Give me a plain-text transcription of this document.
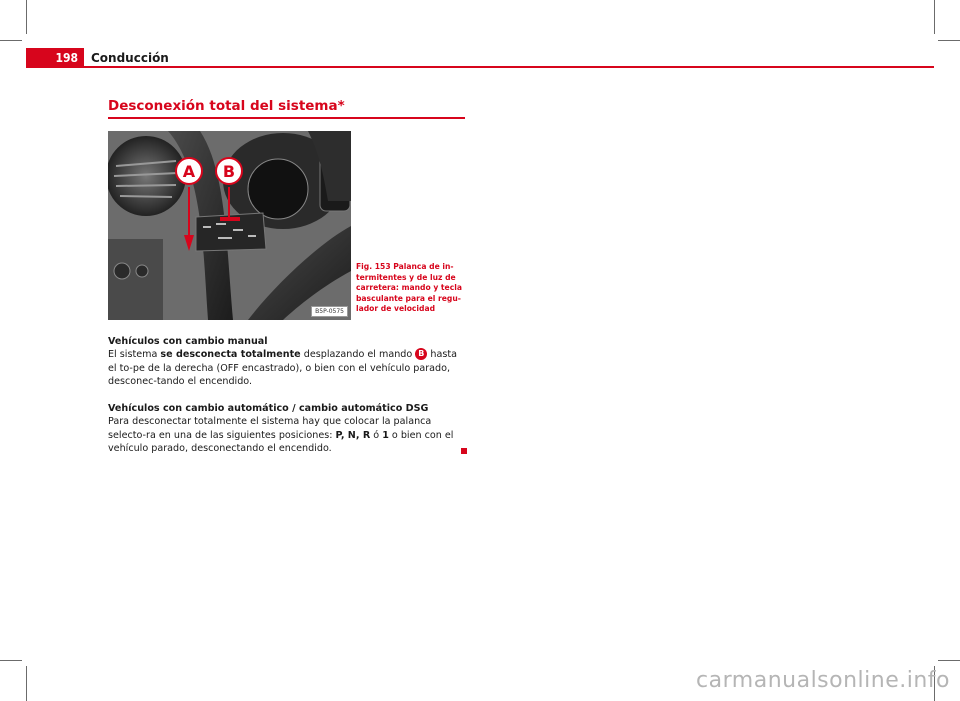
198	Conducción
Desconexión total del sistema*
A B
B5P-0575
Fig. 153 Palanca de in-termitentes y de luz de carretera: mando y tecla basculante para el regu-lador de velocidad

Vehículos con cambio manual

El sistema se desconecta totalmente desplazando el mando B hasta el to-pe de la derecha (OFF encastrado), o bien con el vehículo parado, desconec-tando el encendido.

Vehículos con cambio automático / cambio automático DSG

Para desconectar totalmente el sistema hay que colocar la palanca selecto-ra en una de las siguientes posiciones: P, N, R ó 1 o bien con el vehículo parado, desconectando el encendido.

carmanualsonline.info
